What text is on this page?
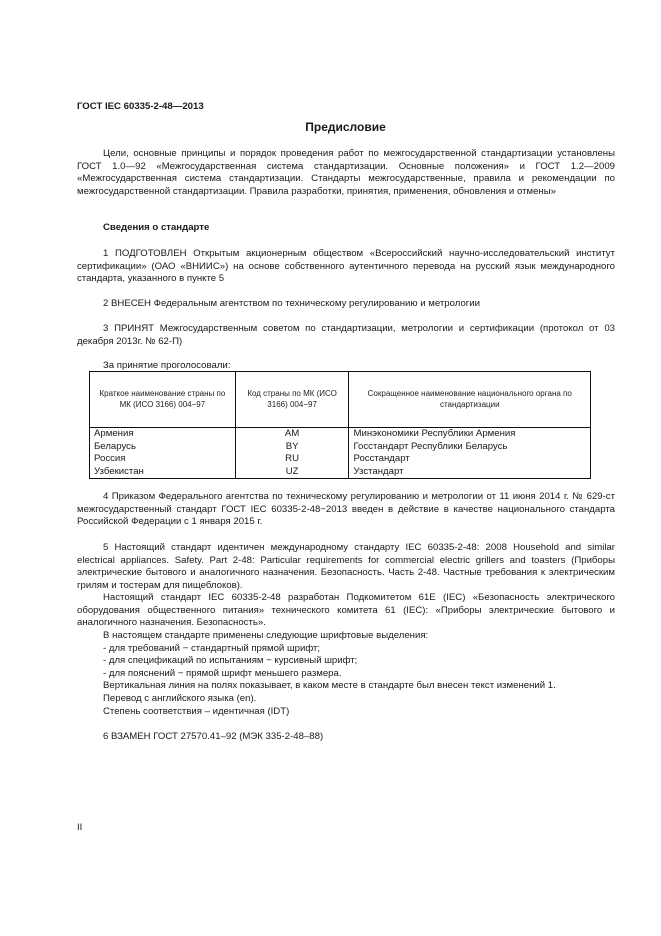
ГОСТ IEC 60335-2-48—2013
Предисловие
Цели, основные принципы и порядок проведения работ по межгосударственной стандартизации установлены ГОСТ 1.0—92 «Межгосударственная система стандартизации. Основные положения» и ГОСТ 1.2—2009 «Межгосударственная система стандартизации. Стандарты межгосударственные, правила и рекомендации по межгосударственной стандартизации. Правила разработки, принятия, применения, обновления и отмены»
Сведения о стандарте
1 ПОДГОТОВЛЕН Открытым акционерным обществом «Всероссийский научно-исследовательский институт сертификации» (ОАО «ВНИИС») на основе собственного аутентичного перевода на русский язык международного стандарта, указанного в пункте 5
2 ВНЕСЕН Федеральным агентством по техническому регулированию и метрологии
3 ПРИНЯТ Межгосударственным советом по стандартизации, метрологии и сертификации (протокол от 03 декабря 2013г. № 62-П)
За принятие проголосовали:
Краткое наименование страны по МК (ИСО 3166) 004−97	Код страны по МК (ИСО 3166) 004−97	Сокращенное наименование национального органа по стандартизации
Армения	AM	Минэкономики Республики Армения
Беларусь	BY	Госстандарт Республики Беларусь
Россия	RU	Росстандарт
Узбекистан	UZ	Узстандарт
4 Приказом Федерального агентства по техническому регулированию и метрологии от 11 июня 2014 г. № 629-ст межгосударственный стандарт ГОСТ IEC 60335-2-48−2013 введен в действие в качестве национального стандарта Российской Федерации с 1 января 2015 г.
5 Настоящий стандарт идентичен международному стандарту IEC 60335-2-48: 2008 Household and similar electrical appliances. Safety. Part 2-48: Particular requirements for commercial electric grillers and toasters (Приборы электрические бытового и аналогичного назначения. Безопасность. Часть 2-48. Частные требования к электрическим грилям и тостерам для пищеблоков).
Настоящий стандарт IEC 60335-2-48 разработан Подкомитетом 61E (IEC) «Безопасность электрического оборудования общественного питания» технического комитета 61 (IEC): «Приборы электрические бытового и аналогичного назначения. Безопасность».
В настоящем стандарте применены следующие шрифтовые выделения:
- для требований − стандартный прямой шрифт;
- для спецификаций по испытаниям − курсивный шрифт;
- для пояснений − прямой шрифт меньшего размера.
Вертикальная линия на полях показывает, в каком месте в стандарте был внесен текст изменений 1.
Перевод с английского языка (en).
Степень соответствия – идентичная (IDT)
6 ВЗАМЕН ГОСТ 27570.41–92 (МЭК 335-2-48–88)
II
